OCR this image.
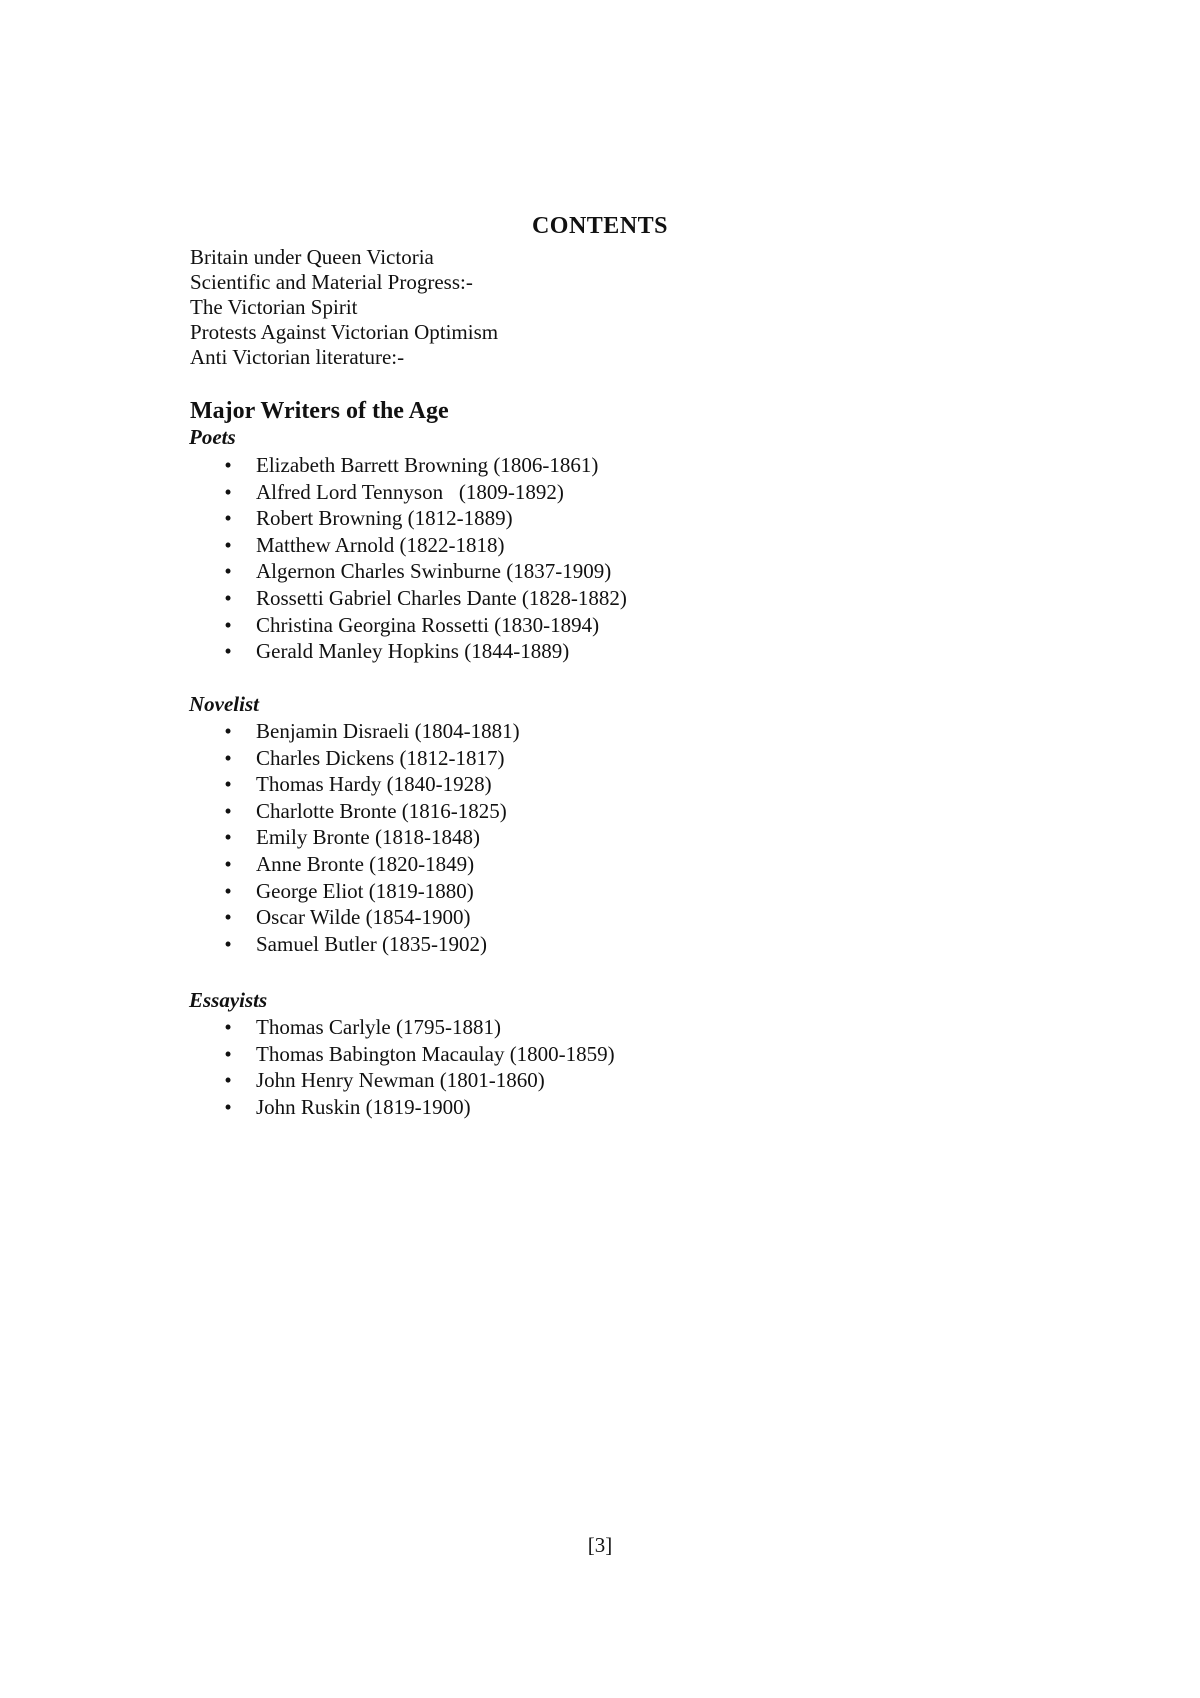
CONTENTS
Britain under Queen Victoria
Scientific and Material Progress:-
The Victorian Spirit
Protests Against Victorian Optimism
Anti Victorian literature:-
Major Writers of the Age
Poets
•
Elizabeth Barrett Browning (1806-1861)
•
Alfred Lord Tennyson   (1809-1892)
•
Robert Browning (1812-1889)
•
Matthew Arnold (1822-1818)
•
Algernon Charles Swinburne (1837-1909)
•
Rossetti Gabriel Charles Dante (1828-1882)
•
Christina Georgina Rossetti (1830-1894)
•
Gerald Manley Hopkins (1844-1889)
Novelist
•
Benjamin Disraeli (1804-1881)
•
Charles Dickens (1812-1817)
•
Thomas Hardy (1840-1928)
•
Charlotte Bronte (1816-1825)
•
Emily Bronte (1818-1848)
•
Anne Bronte (1820-1849)
•
George Eliot (1819-1880)
•
Oscar Wilde (1854-1900)
•
Samuel Butler (1835-1902)
Essayists
•
Thomas Carlyle (1795-1881)
•
Thomas Babington Macaulay (1800-1859)
•
John Henry Newman (1801-1860)
•
John Ruskin (1819-1900)
[3]
